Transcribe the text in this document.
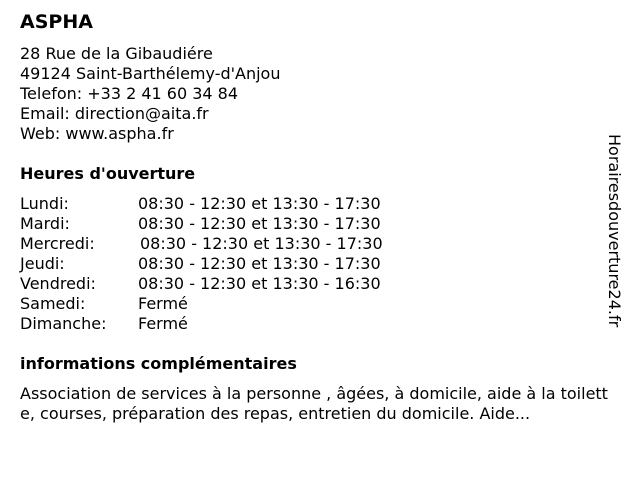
ASPHA
28 Rue de la Gibaudiére
49124 Saint-Barthélemy-d'Anjou
Telefon: +33 2 41 60 34 84
Email: direction@aita.fr
Web: www.aspha.fr
Heures d'ouverture
Lundi:	08:30 - 12:30 et 13:30 - 17:30
Mardi:	08:30 - 12:30 et 13:30 - 17:30
Mercredi:	08:30 - 12:30 et 13:30 - 17:30
Jeudi:	08:30 - 12:30 et 13:30 - 17:30
Vendredi:	08:30 - 12:30 et 13:30 - 16:30
Samedi:	Fermé
Dimanche: Fermé
informations complémentaires
Association de services à la personne , âgées, à domicile, aide à la toilette, courses, préparation des repas, entretien du domicile. Aide...
Horairesdouverture24.fr
